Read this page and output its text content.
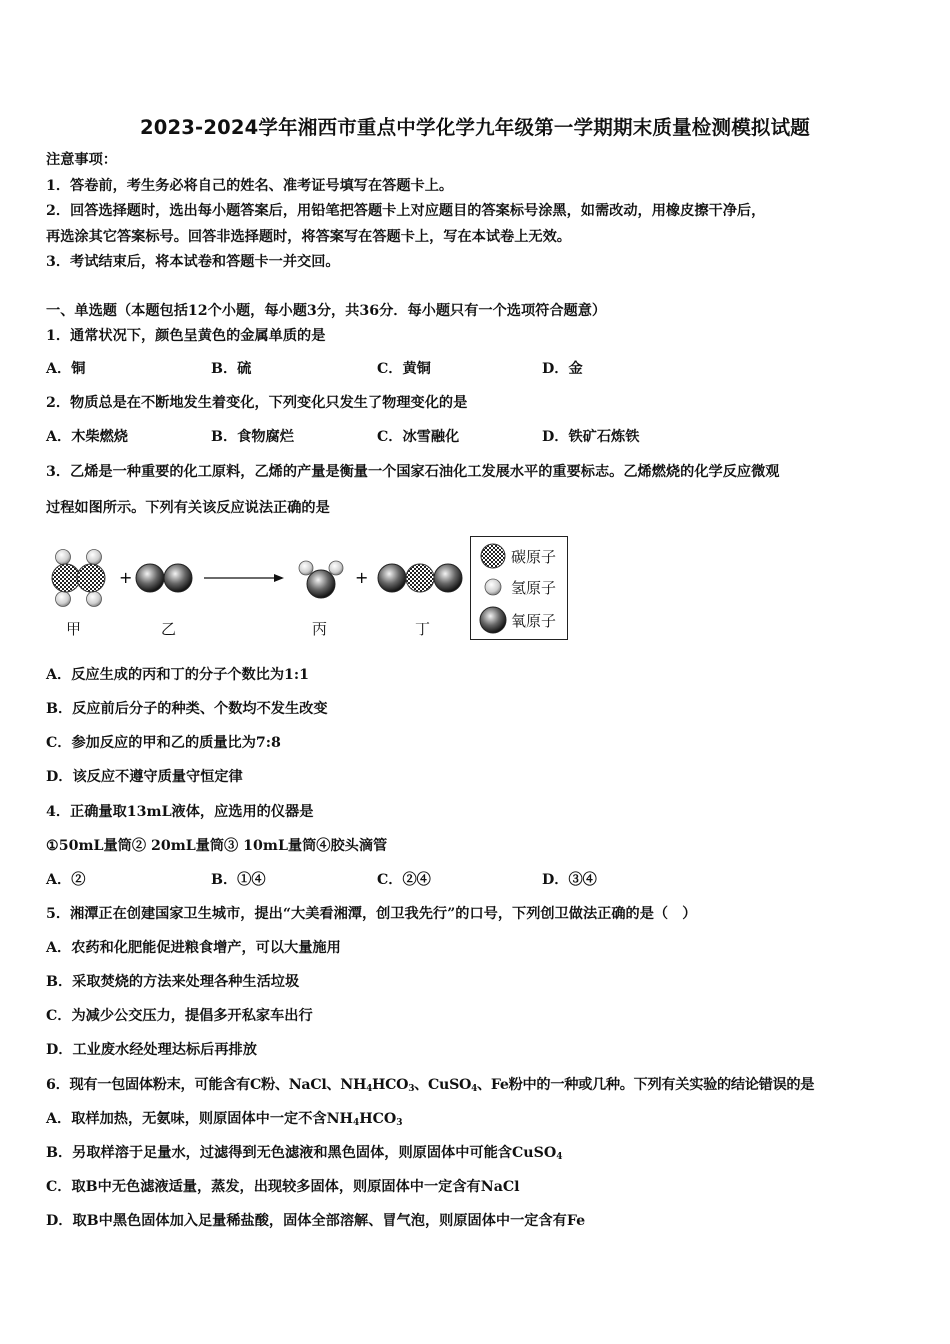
2023-2024学年湘西市重点中学化学九年级第一学期期末质量检测模拟试题
注意事项：
1．答卷前，考生务必将自己的姓名、准考证号填写在答题卡上。
2．回答选择题时，选出每小题答案后，用铅笔把答题卡上对应题目的答案标号涂黑，如需改动，用橡皮擦干净后，
再选涂其它答案标号。回答非选择题时，将答案写在答题卡上，写在本试卷上无效。
3．考试结束后，将本试卷和答题卡一并交回。
一、单选题（本题包括12个小题，每小题3分，共36分．每小题只有一个选项符合题意）
1．通常状况下，颜色呈黄色的金属单质的是
A．铜	B．硫	C．黄铜	D．金
2．物质总是在不断地发生着变化，下列变化只发生了物理变化的是
A．木柴燃烧	B．食物腐烂	C．冰雪融化	D．铁矿石炼铁
3．乙烯是一种重要的化工原料，乙烯的产量是衡量一个国家石油化工发展水平的重要标志。乙烯燃烧的化学反应微观
过程如图所示。下列有关该反应说法正确的是
+	+
甲	乙	丙	丁
碳原子
氢原子
氧原子
A．反应生成的丙和丁的分子个数比为1:1
B．反应前后分子的种类、个数均不发生改变
C．参加反应的甲和乙的质量比为7:8
D．该反应不遵守质量守恒定律
4．正确量取13mL液体，应选用的仪器是
①50mL量筒② 20mL量筒③ 10mL量筒④胶头滴管
A．②	B．①④	C．②④	D．③④
5．湘潭正在创建国家卫生城市，提出“大美看湘潭，创卫我先行”的口号，下列创卫做法正确的是（　）
A．农药和化肥能促进粮食增产，可以大量施用
B．采取焚烧的方法来处理各种生活垃圾
C．为减少公交压力，提倡多开私家车出行
D．工业废水经处理达标后再排放
6．现有一包固体粉末，可能含有C粉、NaCl、$NH_4HCO_3$、CuSO$_4$、Fe粉中的一种或几种。下列有关实验的结论错误的是
A．取样加热，无氨味，则原固体中一定不含$NH_4HCO_3$
B．另取样溶于足量水，过滤得到无色滤液和黑色固体，则原固体中可能含CuSO$_4$
C．取B中无色滤液适量，蒸发，出现较多固体，则原固体中一定含有NaCl
D．取B中黑色固体加入足量稀盐酸，固体全部溶解、冒气泡，则原固体中一定含有Fe
